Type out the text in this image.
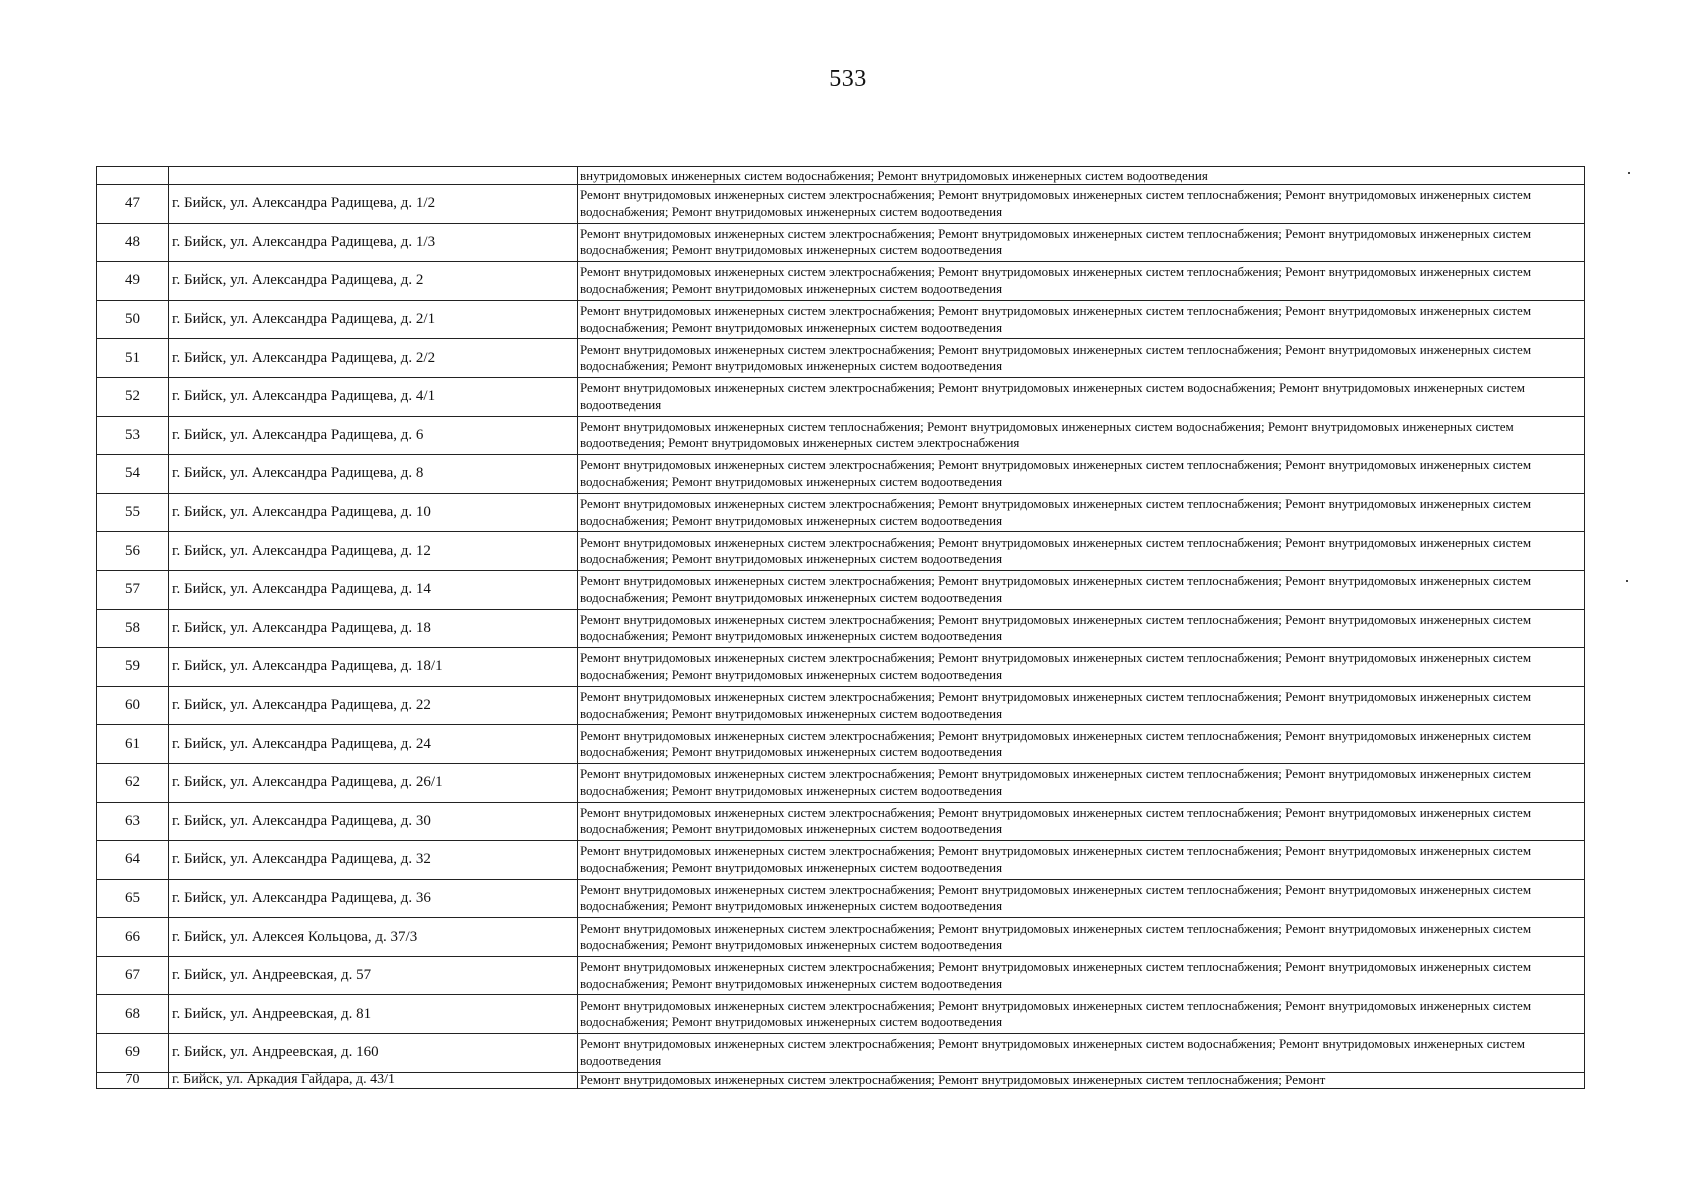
533
		внутридомовых инженерных систем водоснабжения; Ремонт внутридомовых инженерных систем водоотведения
47	г. Бийск, ул. Александра Радищева, д. 1/2	Ремонт внутридомовых инженерных систем электроснабжения; Ремонт внутридомовых инженерных систем теплоснабжения; Ремонт внутридомовых инженерных систем водоснабжения; Ремонт внутридомовых инженерных систем водоотведения
48	г. Бийск, ул. Александра Радищева, д. 1/3	Ремонт внутридомовых инженерных систем электроснабжения; Ремонт внутридомовых инженерных систем теплоснабжения; Ремонт внутридомовых инженерных систем водоснабжения; Ремонт внутридомовых инженерных систем водоотведения
49	г. Бийск, ул. Александра Радищева, д. 2	Ремонт внутридомовых инженерных систем электроснабжения; Ремонт внутридомовых инженерных систем теплоснабжения; Ремонт внутридомовых инженерных систем водоснабжения; Ремонт внутридомовых инженерных систем водоотведения
50	г. Бийск, ул. Александра Радищева, д. 2/1	Ремонт внутридомовых инженерных систем электроснабжения; Ремонт внутридомовых инженерных систем теплоснабжения; Ремонт внутридомовых инженерных систем водоснабжения; Ремонт внутридомовых инженерных систем водоотведения
51	г. Бийск, ул. Александра Радищева, д. 2/2	Ремонт внутридомовых инженерных систем электроснабжения; Ремонт внутридомовых инженерных систем теплоснабжения; Ремонт внутридомовых инженерных систем водоснабжения; Ремонт внутридомовых инженерных систем водоотведения
52	г. Бийск, ул. Александра Радищева, д. 4/1	Ремонт внутридомовых инженерных систем электроснабжения; Ремонт внутридомовых инженерных систем водоснабжения; Ремонт внутридомовых инженерных систем водоотведения
53	г. Бийск, ул. Александра Радищева, д. 6	Ремонт внутридомовых инженерных систем теплоснабжения; Ремонт внутридомовых инженерных систем водоснабжения; Ремонт внутридомовых инженерных систем водоотведения; Ремонт внутридомовых инженерных систем электроснабжения
54	г. Бийск, ул. Александра Радищева, д. 8	Ремонт внутридомовых инженерных систем электроснабжения; Ремонт внутридомовых инженерных систем теплоснабжения; Ремонт внутридомовых инженерных систем водоснабжения; Ремонт внутридомовых инженерных систем водоотведения
55	г. Бийск, ул. Александра Радищева, д. 10	Ремонт внутридомовых инженерных систем электроснабжения; Ремонт внутридомовых инженерных систем теплоснабжения; Ремонт внутридомовых инженерных систем водоснабжения; Ремонт внутридомовых инженерных систем водоотведения
56	г. Бийск, ул. Александра Радищева, д. 12	Ремонт внутридомовых инженерных систем электроснабжения; Ремонт внутридомовых инженерных систем теплоснабжения; Ремонт внутридомовых инженерных систем водоснабжения; Ремонт внутридомовых инженерных систем водоотведения
57	г. Бийск, ул. Александра Радищева, д. 14	Ремонт внутридомовых инженерных систем электроснабжения; Ремонт внутридомовых инженерных систем теплоснабжения; Ремонт внутридомовых инженерных систем водоснабжения; Ремонт внутридомовых инженерных систем водоотведения
58	г. Бийск, ул. Александра Радищева, д. 18	Ремонт внутридомовых инженерных систем электроснабжения; Ремонт внутридомовых инженерных систем теплоснабжения; Ремонт внутридомовых инженерных систем водоснабжения; Ремонт внутридомовых инженерных систем водоотведения
59	г. Бийск, ул. Александра Радищева, д. 18/1	Ремонт внутридомовых инженерных систем электроснабжения; Ремонт внутридомовых инженерных систем теплоснабжения; Ремонт внутридомовых инженерных систем водоснабжения; Ремонт внутридомовых инженерных систем водоотведения
60	г. Бийск, ул. Александра Радищева, д. 22	Ремонт внутридомовых инженерных систем электроснабжения; Ремонт внутридомовых инженерных систем теплоснабжения; Ремонт внутридомовых инженерных систем водоснабжения; Ремонт внутридомовых инженерных систем водоотведения
61	г. Бийск, ул. Александра Радищева, д. 24	Ремонт внутридомовых инженерных систем электроснабжения; Ремонт внутридомовых инженерных систем теплоснабжения; Ремонт внутридомовых инженерных систем водоснабжения; Ремонт внутридомовых инженерных систем водоотведения
62	г. Бийск, ул. Александра Радищева, д. 26/1	Ремонт внутридомовых инженерных систем электроснабжения; Ремонт внутридомовых инженерных систем теплоснабжения; Ремонт внутридомовых инженерных систем водоснабжения; Ремонт внутридомовых инженерных систем водоотведения
63	г. Бийск, ул. Александра Радищева, д. 30	Ремонт внутридомовых инженерных систем электроснабжения; Ремонт внутридомовых инженерных систем теплоснабжения; Ремонт внутридомовых инженерных систем водоснабжения; Ремонт внутридомовых инженерных систем водоотведения
64	г. Бийск, ул. Александра Радищева, д. 32	Ремонт внутридомовых инженерных систем электроснабжения; Ремонт внутридомовых инженерных систем теплоснабжения; Ремонт внутридомовых инженерных систем водоснабжения; Ремонт внутридомовых инженерных систем водоотведения
65	г. Бийск, ул. Александра Радищева, д. 36	Ремонт внутридомовых инженерных систем электроснабжения; Ремонт внутридомовых инженерных систем теплоснабжения; Ремонт внутридомовых инженерных систем водоснабжения; Ремонт внутридомовых инженерных систем водоотведения
66	г. Бийск, ул. Алексея Кольцова, д. 37/3	Ремонт внутридомовых инженерных систем электроснабжения; Ремонт внутридомовых инженерных систем теплоснабжения; Ремонт внутридомовых инженерных систем водоснабжения; Ремонт внутридомовых инженерных систем водоотведения
67	г. Бийск, ул. Андреевская, д. 57	Ремонт внутридомовых инженерных систем электроснабжения; Ремонт внутридомовых инженерных систем теплоснабжения; Ремонт внутридомовых инженерных систем водоснабжения; Ремонт внутридомовых инженерных систем водоотведения
68	г. Бийск, ул. Андреевская, д. 81	Ремонт внутридомовых инженерных систем электроснабжения; Ремонт внутридомовых инженерных систем теплоснабжения; Ремонт внутридомовых инженерных систем водоснабжения; Ремонт внутридомовых инженерных систем водоотведения
69	г. Бийск, ул. Андреевская, д. 160	Ремонт внутридомовых инженерных систем электроснабжения; Ремонт внутридомовых инженерных систем водоснабжения; Ремонт внутридомовых инженерных систем водоотведения
70	г. Бийск, ул. Аркадия Гайдара, д. 43/1	Ремонт внутридомовых инженерных систем электроснабжения; Ремонт внутридомовых инженерных систем теплоснабжения; Ремонт
